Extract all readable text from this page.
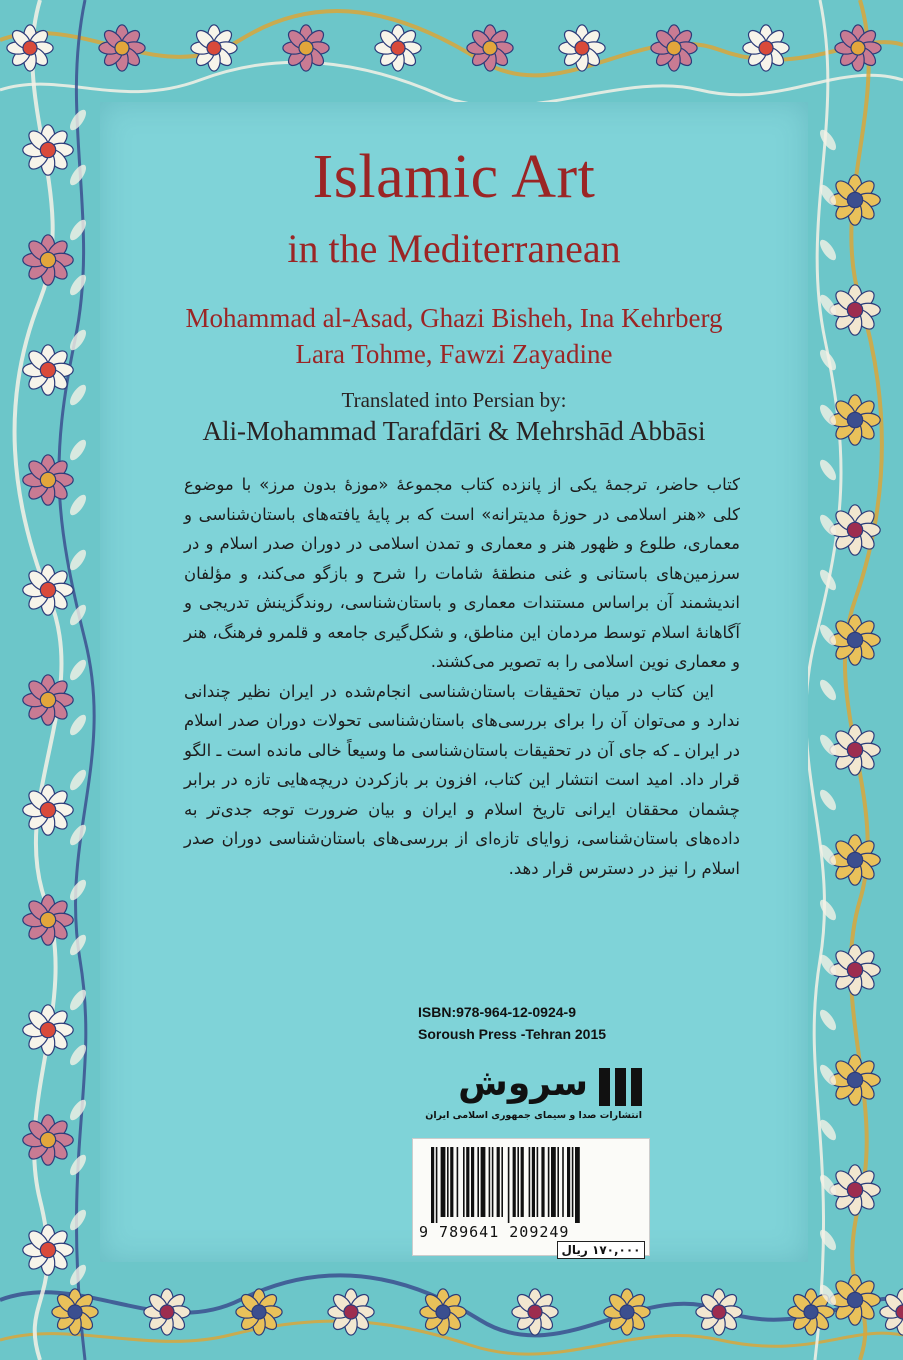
Islamic Art
in the Mediterranean
Mohammad al-Asad, Ghazi Bisheh, Ina Kehrberg
Lara Tohme, Fawzi Zayadine
Translated into Persian by:
Ali-Mohammad Tarafdāri & Mehrshād Abbāsi

کتاب حاضر، ترجمهٔ یکی از پانزده کتاب مجموعهٔ «موزهٔ بدون مرز» با موضوع کلی «هنر اسلامی در حوزهٔ مدیترانه» است که بر پایهٔ یافته‌های باستان‌شناسی و معماری، طلوع و ظهور هنر و معماری و تمدن اسلامی در دوران صدر اسلام و در سرزمین‌های باستانی و غنی منطقهٔ شامات را شرح و بازگو می‌کند، و مؤلفان اندیشمند آن براساس مستندات معماری و باستان‌شناسی، روندگزینش تدریجی و آگاهانهٔ اسلام توسط مردمان این مناطق، و شکل‌گیری جامعه و قلمرو فرهنگ، هنر و معماری نوین اسلامی را به تصویر می‌کشند.

این کتاب در میان تحقیقات باستان‌شناسی انجام‌شده در ایران نظیر چندانی ندارد و می‌توان آن را برای بررسی‌های باستان‌شناسی تحولات دوران صدر اسلام در ایران ـ که جای آن در تحقیقات باستان‌شناسی ما وسیعاً خالی مانده است ـ الگو قرار داد. امید است انتشار این کتاب، افزون بر بازکردن دریچه‌هایی تازه در برابر چشمان محققان ایرانی تاریخ اسلام و ایران و بیان ضرورت توجه جدی‌تر به داده‌های باستان‌شناسی، زوایای تازه‌ای از بررسی‌های باستان‌شناسی دوران صدر اسلام را نیز در دسترس قرار دهد.

ISBN:978-964-12-0924-9
Soroush Press -Tehran 2015
سروش
انتشارات صدا و سیمای جمهوری اسلامی ایران
9 789641 209249
۱۷۰,۰۰۰ ریال
